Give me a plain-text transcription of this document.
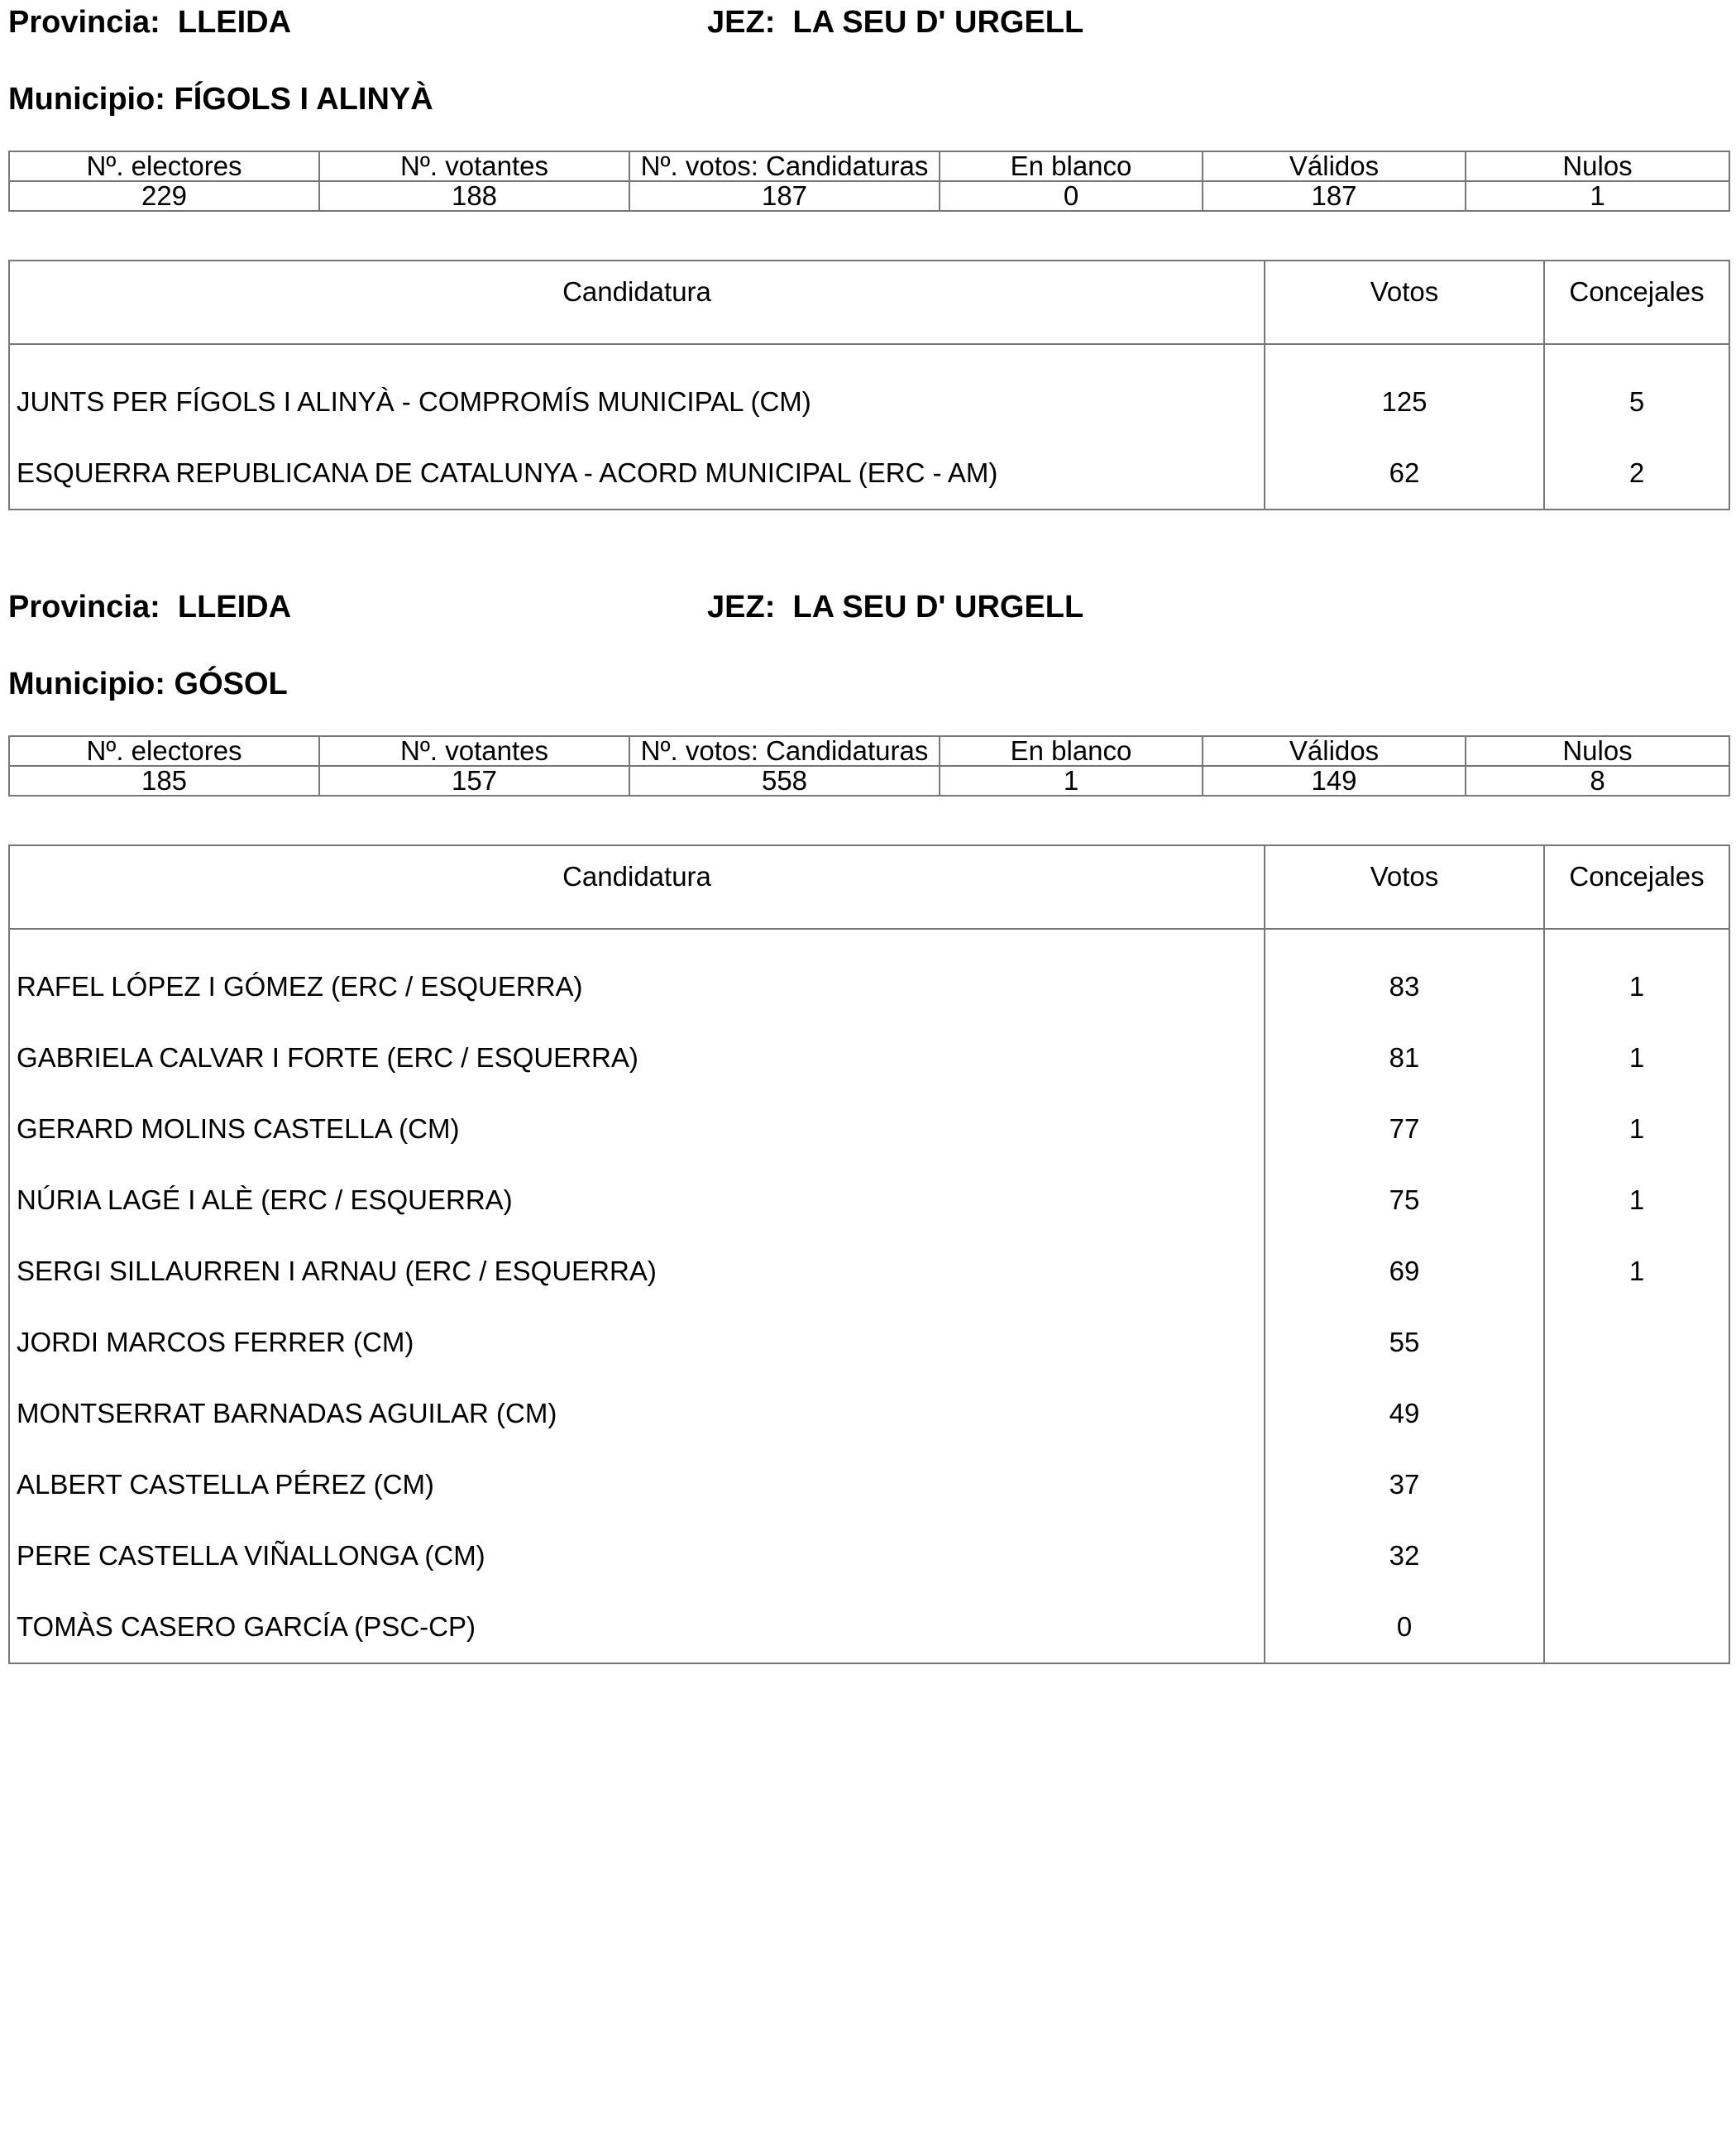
Provincia: LLEIDA	JEZ: LA SEU D' URGELL
Municipio: FÍGOLS I ALINYÀ
Nº. electores	Nº. votantes	Nº. votos: Candidaturas	En blanco	Válidos	Nulos
229	188	187	0	187	1
Candidatura	Votos	Concejales
JUNTS PER FÍGOLS I ALINYÀ - COMPROMÍS MUNICIPAL (CM)	125	5
ESQUERRA REPUBLICANA DE CATALUNYA - ACORD MUNICIPAL (ERC - AM)	62	2
Provincia: LLEIDA	JEZ: LA SEU D' URGELL
Municipio: GÓSOL
Nº. electores	Nº. votantes	Nº. votos: Candidaturas	En blanco	Válidos	Nulos
185	157	558	1	149	8
Candidatura	Votos	Concejales
RAFEL LÓPEZ I GÓMEZ (ERC / ESQUERRA)	83	1
GABRIELA CALVAR I FORTE (ERC / ESQUERRA)	81	1
GERARD MOLINS CASTELLA (CM)	77	1
NÚRIA LAGÉ I ALÈ (ERC / ESQUERRA)	75	1
SERGI SILLAURREN I ARNAU (ERC / ESQUERRA)	69	1
JORDI MARCOS FERRER (CM)	55	
MONTSERRAT BARNADAS AGUILAR (CM)	49	
ALBERT CASTELLA PÉREZ (CM)	37	
PERE CASTELLA VIÑALLONGA (CM)	32	
TOMÀS CASERO GARCÍA (PSC-CP)	0	
